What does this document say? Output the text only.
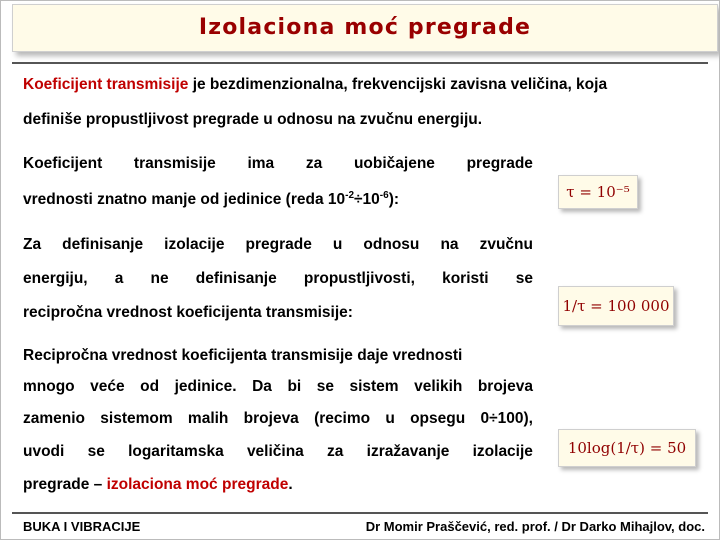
Izolaciona moć pregrade
Koeficijent transmisije je bezdimenzionalna, frekvencijski zavisna veličina, koja
definiše propustljivost pregrade u odnosu na zvučnu energiju.
Koeficijent transmisije ima za uobičajene pregrade
vrednosti znatno manje od jedinice (reda $10^{-2}\div 10^{-6}$):
Za definisanje izolacije pregrade u odnosu na zvučnu
energiju, a ne definisanje propustljivosti, koristi se
recipročna vrednost koeficijenta transmisije:
Recipročna vrednost koeficijenta transmisije daje vrednosti
mnogo veće od jedinice. Da bi se sistem velikih brojeva
zamenio sistemom malih brojeva (recimo u opsegu 0÷100),
uvodi se logaritamska veličina za izražavanje izolacije
pregrade – izolaciona moć pregrade.
τ = 10⁻⁵
1/τ = 100 000
10log(1/τ) = 50
BUKA I VIBRACIJE	Dr Momir Praščević, red. prof. / Dr Darko Mihajlov, doc.
